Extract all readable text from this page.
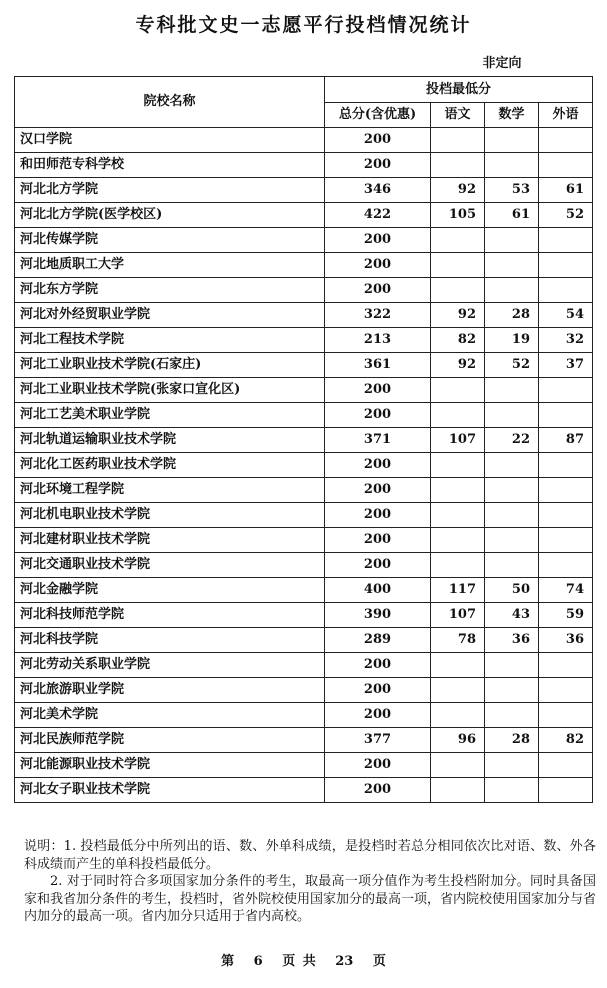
专科批文史一志愿平行投档情况统计
非定向
院校名称	投档最低分			
	总分(含优惠)	语文	数学	外语
汉口学院	200			
和田师范专科学校	200			
河北北方学院	346	92	53	61
河北北方学院(医学校区)	422	105	61	52
河北传媒学院	200			
河北地质职工大学	200			
河北东方学院	200			
河北对外经贸职业学院	322	92	28	54
河北工程技术学院	213	82	19	32
河北工业职业技术学院(石家庄)	361	92	52	37
河北工业职业技术学院(张家口宣化区)	200			
河北工艺美术职业学院	200			
河北轨道运输职业技术学院	371	107	22	87
河北化工医药职业技术学院	200			
河北环境工程学院	200			
河北机电职业技术学院	200			
河北建材职业技术学院	200			
河北交通职业技术学院	200			
河北金融学院	400	117	50	74
河北科技师范学院	390	107	43	59
河北科技学院	289	78	36	36
河北劳动关系职业学院	200			
河北旅游职业学院	200			
河北美术学院	200			
河北民族师范学院	377	96	28	82
河北能源职业技术学院	200			
河北女子职业技术学院	200			

说明：1. 投档最低分中所列出的语、数、外单科成绩，是投档时若总分相同依次比对语、数、外各科成绩而产生的单科投档最低分。

2. 对于同时符合多项国家加分条件的考生，取最高一项分值作为考生投档附加分。同时具备国家和我省加分条件的考生，投档时，省外院校使用国家加分的最高一项，省内院校使用国家加分与省内加分的最高一项。省内加分只适用于省内高校。

第 6 页 共 23 页
